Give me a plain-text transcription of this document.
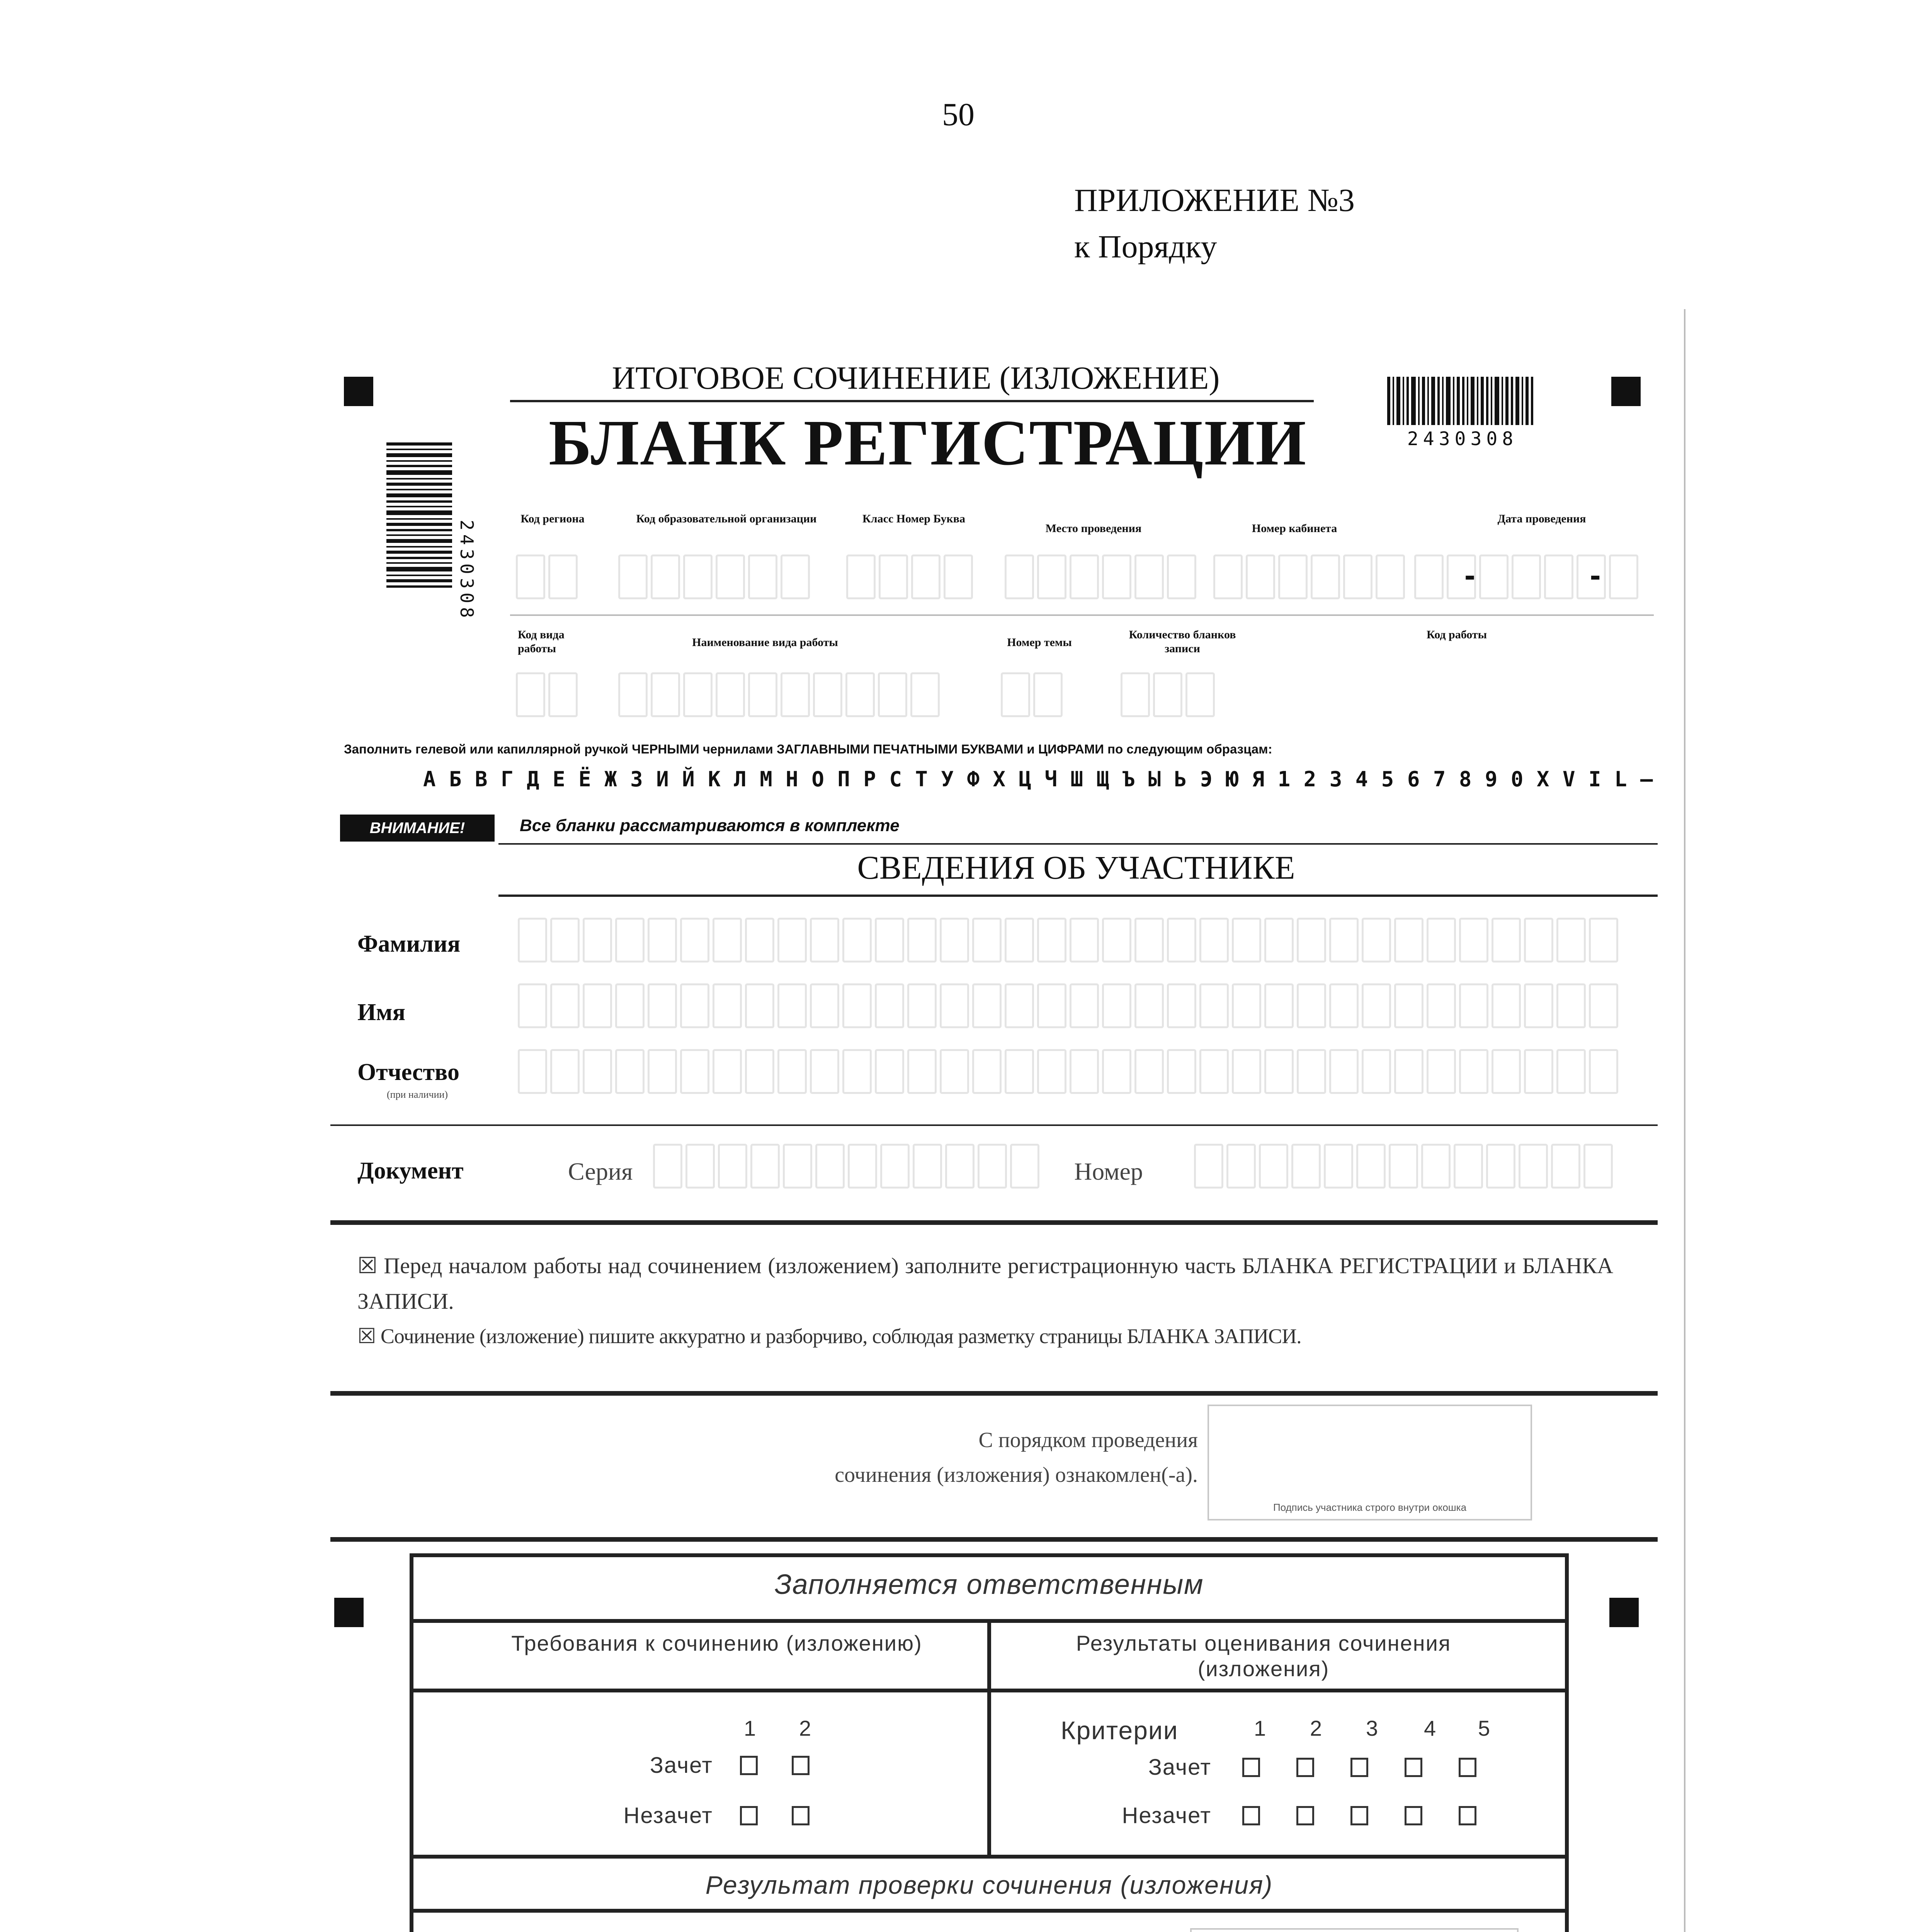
50
ПРИЛОЖЕНИЕ №3
к Порядку
2430308
ИТОГОВОЕ СОЧИНЕНИЕ (ИЗЛОЖЕНИЕ)
БЛАНК РЕГИСТРАЦИИ	2430308
Код региона	Код образовательной организации	Класс Номер Буква
Место проведения	Номер кабинета
Дата проведения
-     -
Код вида работы	Наименование вида работы	Номер темы
Количество бланков записи
Код работы
Заполнить гелевой или капиллярной ручкой ЧЕРНЫМИ чернилами ЗАГЛАВНЫМИ ПЕЧАТНЫМИ БУКВАМИ и ЦИФРАМИ по следующим образцам:
А Б В Г Д Е Ё Ж З И Й К Л М Н О П Р С Т У Ф Х Ц Ч Ш Щ Ъ Ы Ь Э Ю Я 1 2 3 4 5 6 7 8 9 0 X V I L –
ВНИМАНИЕ!	Все бланки рассматриваются в комплекте
СВЕДЕНИЯ ОБ УЧАСТНИКЕ
Фамилия
Имя
Отчество
(при наличии)
Документ	Серия	Номер
☒ Перед началом работы над сочинением (изложением) заполните регистрационную часть БЛАНКА РЕГИСТРАЦИИ и БЛАНКА ЗАПИСИ.
☒ Сочинение (изложение) пишите аккуратно и разборчиво, соблюдая разметку страницы БЛАНКА ЗАПИСИ.
С порядком проведения
сочинения (изложения) ознакомлен(-а).
Подпись участника строго внутри окошка
Заполняется ответственным
Требования к сочинению (изложению)	Результаты оценивания сочинения (изложения)
1 2
Зачет
Незачет
Критерии	1 2 3 4 5
Зачет
Незачет
Результат проверки сочинения (изложения)
